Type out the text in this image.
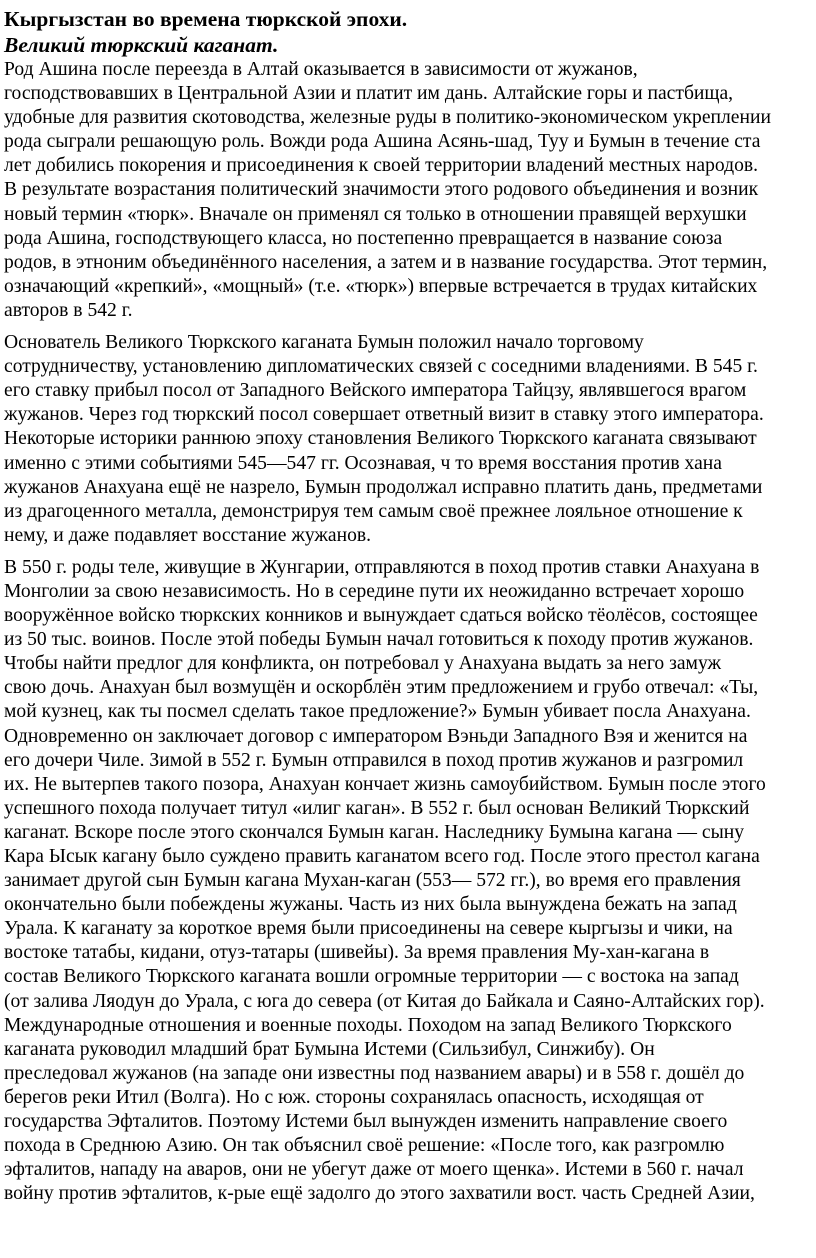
Кыргызстан во времена тюркской эпохи.
Великий тюркский каганат.

Род Ашина после переезда в Алтай оказывается в зависимости от жужанов,
господствовавших в Центральной Азии и платит им дань. Алтайские горы и пастбища,
удобные для развития скотоводства, железные руды в политико-экономическом укреплении
рода сыграли решающую роль. Вожди рода Ашина Асянь-шад, Туу и Бумын в течение ста
лет добились покорения и присоединения к своей территории владений местных народов.
В результате возрастания политический значимости этого родового объединения и возник
новый термин «тюрк». Вначале он применял ся только в отношении правящей верхушки
рода Ашина, господствующего класса, но постепенно превращается в название союза
родов, в этноним объединённого населения, а затем и в название государства. Этот термин,
означающий «крепкий», «мощный» (т.е. «тюрк») впервые встречается в трудах китайских
авторов в 542 г.

Основатель Великого Тюркского каганата Бумын положил начало торговому
сотрудничеству, установлению дипломатических связей с соседними владениями. В 545 г.
его ставку прибыл посол от Западного Вейского императора Тайцзу, являвшегося врагом
жужанов. Через год тюркский посол совершает ответный визит в ставку этого императора.
Некоторые историки раннюю эпоху становления Великого Тюркского каганата связывают
именно с этими событиями 545—547 гг. Осознавая, ч то время восстания против хана
жужанов Анахуана ещё не назрело, Бумын продолжал исправно платить дань, предметами
из драгоценного металла, демонстрируя тем самым своё прежнее лояльное отношение к
нему, и даже подавляет восстание жужанов.

В 550 г. роды теле, живущие в Жунгарии, отправляются в поход против ставки Анахуана в
Монголии за свою независимость. Но в середине пути их неожиданно встречает хорошо
вооружённое войско тюркских конников и вынуждает сдаться войско тёолёсов, состоящее
из 50 тыс. воинов. После этой победы Бумын начал готовиться к походу против жужанов.
Чтобы найти предлог для конфликта, он потребовал у Анахуана выдать за него замуж
свою дочь. Анахуан был возмущён и оскорблён этим предложением и грубо отвечал: «Ты,
мой кузнец, как ты посмел сделать такое предложение?» Бумын убивает посла Анахуана.
Одновременно он заключает договор с императором Вэньди Западного Вэя и женится на
его дочери Чиле. Зимой в 552 г. Бумын отправился в поход против жужанов и разгромил
их. Не вытерпев такого позора, Анахуан кончает жизнь самоубийством. Бумын после этого
успешного похода получает титул «илиг каган». В 552 г. был основан Великий Тюркский
каганат. Вскоре после этого скончался Бумын каган. Наследнику Бумына кагана — сыну
Кара Ысык кагану было суждено править каганатом всего год. После этого престол кагана
занимает другой сын Бумын кагана Мухан-каган (553— 572 гг.), во время его правления
окончательно были побеждены жужаны. Часть из них была вынуждена бежать на запад
Урала. К каганату за короткое время были присоединены на севере кыргызы и чики, на
востоке татабы, кидани, отуз-татары (шивейы). За время правления Му-хан-кагана в
состав Великого Тюркского каганата вошли огромные территории — с востока на запад
(от залива Ляодун до Урала, с юга до севера (от Китая до Байкала и Саяно-Алтайских гор).
Международные отношения и военные походы. Походом на запад Великого Тюркского
каганата руководил младший брат Бумына Истеми (Сильзибул, Синжибу). Он
преследовал жужанов (на западе они известны под названием авары) и в 558 г. дошёл до
берегов реки Итил (Волга). Но с юж. стороны сохранялась опасность, исходящая от
государства Эфталитов. Поэтому Истеми был вынужден изменить направление своего
похода в Среднюю Азию. Он так объяснил своё решение: «После того, как разгромлю
эфталитов, нападу на аваров, они не убегут даже от моего щенка». Истеми в 560 г. начал
войну против эфталитов, к-рые ещё задолго до этого захватили вост. часть Средней Азии,
